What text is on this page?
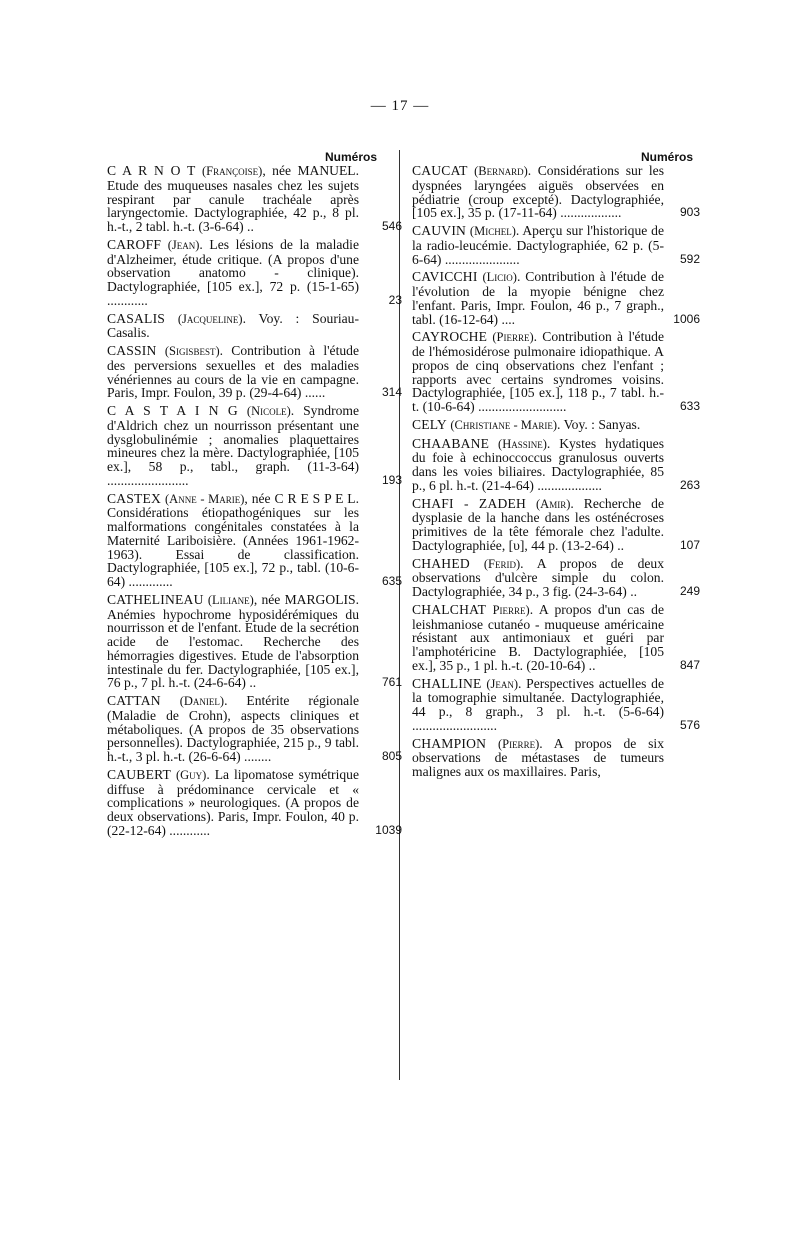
— 17 —
Numéros	Numéros
C A R N O T (Françoise), née MANUEL. Etude des muqueuses nasales chez les sujets respirant par canule trachéale après laryngectomie. Dactylographiée, 42 p., 8 pl. h.-t., 2 tabl. h.-t. (3-6-64) ..	546
CAROFF (Jean). Les lésions de la maladie d'Alzheimer, étude critique. (A propos d'une observation anatomo - clinique). Dactylographiée, [105 ex.], 72 p. (15-1-65) ............	23
CASALIS (Jacqueline). Voy. : Souriau-Casalis.
CASSIN (Sigisbest). Contribution à l'étude des perversions sexuelles et des maladies vénériennes au cours de la vie en campagne. Paris, Impr. Foulon, 39 p. (29-4-64) ......	314
C A S T A I N G (Nicole). Syndrome d'Aldrich chez un nourrisson présentant une dysglobulinémie ; anomalies plaquettaires mineures chez la mère. Dactylographiée, [105 ex.], 58 p., tabl., graph. (11-3-64) ........................	193
CASTEX (Anne - Marie), née C R E S P E L. Considérations étiopathogéniques sur les malformations congénitales constatées à la Maternité Lariboisière. (Années 1961-1962-1963). Essai de classification. Dactylographiée, [105 ex.], 72 p., tabl. (10-6-64) .............	635
CATHELINEAU (Liliane), née MARGOLIS. Anémies hypochrome hyposidérémiques du nourrisson et de l'enfant. Etude de la secrétion acide de l'estomac. Recherche des hémorragies digestives. Etude de l'absorption intestinale du fer. Dactylographiée, [105 ex.], 76 p., 7 pl. h.-t. (24-6-64) ..	761
CATTAN (Daniel). Entérite régionale (Maladie de Crohn), aspects cliniques et métaboliques. (A propos de 35 observations personnelles). Dactylographiée, 215 p., 9 tabl. h.-t., 3 pl. h.-t. (26-6-64) ........	805
CAUBERT (Guy). La lipomatose symétrique diffuse à prédominance cervicale et « complications » neurologiques. (A propos de deux observations). Paris, Impr. Foulon, 40 p. (22-12-64) ............	1039
CAUCAT (Bernard). Considérations sur les dyspnées laryngées aiguës observées en pédiatrie (croup excepté). Dactylographiée, [105 ex.], 35 p. (17-11-64) ..................	903
CAUVIN (Michel). Aperçu sur l'historique de la radio-leucémie. Dactylographiée, 62 p. (5-6-64) ......................	592
CAVICCHI (Licio). Contribution à l'étude de l'évolution de la myopie bénigne chez l'enfant. Paris, Impr. Foulon, 46 p., 7 graph., tabl. (16-12-64) ....	1006
CAYROCHE (Pierre). Contribution à l'étude de l'hémosidérose pulmonaire idiopathique. A propos de cinq observations chez l'enfant ; rapports avec certains syndromes voisins. Dactylographiée, [105 ex.], 118 p., 7 tabl. h.-t. (10-6-64) ..........................	633
CELY (Christiane - Marie). Voy. : Sanyas.
CHAABANE (Hassine). Kystes hydatiques du foie à echinoccoccus granulosus ouverts dans les voies biliaires. Dactylographiée, 85 p., 6 pl. h.-t. (21-4-64) ...................	263
CHAFI - ZADEH (Amir). Recherche de dysplasie de la hanche dans les osténécroses primitives de la tête fémorale chez l'adulte. Dactylographiée, [υ], 44 p. (13-2-64) ..	107
CHAHED (Ferid). A propos de deux observations d'ulcère simple du colon. Dactylographiée, 34 p., 3 fig. (24-3-64) ..	249
CHALCHAT Pierre). A propos d'un cas de leishmaniose cutanéo - muqueuse américaine résistant aux antimoniaux et guéri par l'amphotéricine B. Dactylographiée, [105 ex.], 35 p., 1 pl. h.-t. (20-10-64) ..	847
CHALLINE (Jean). Perspectives actuelles de la tomographie simultanée. Dactylographiée, 44 p., 8 graph., 3 pl. h.-t. (5-6-64) .........................	576
CHAMPION (Pierre). A propos de six observations de métastases de tumeurs malignes aux os maxillaires. Paris,
